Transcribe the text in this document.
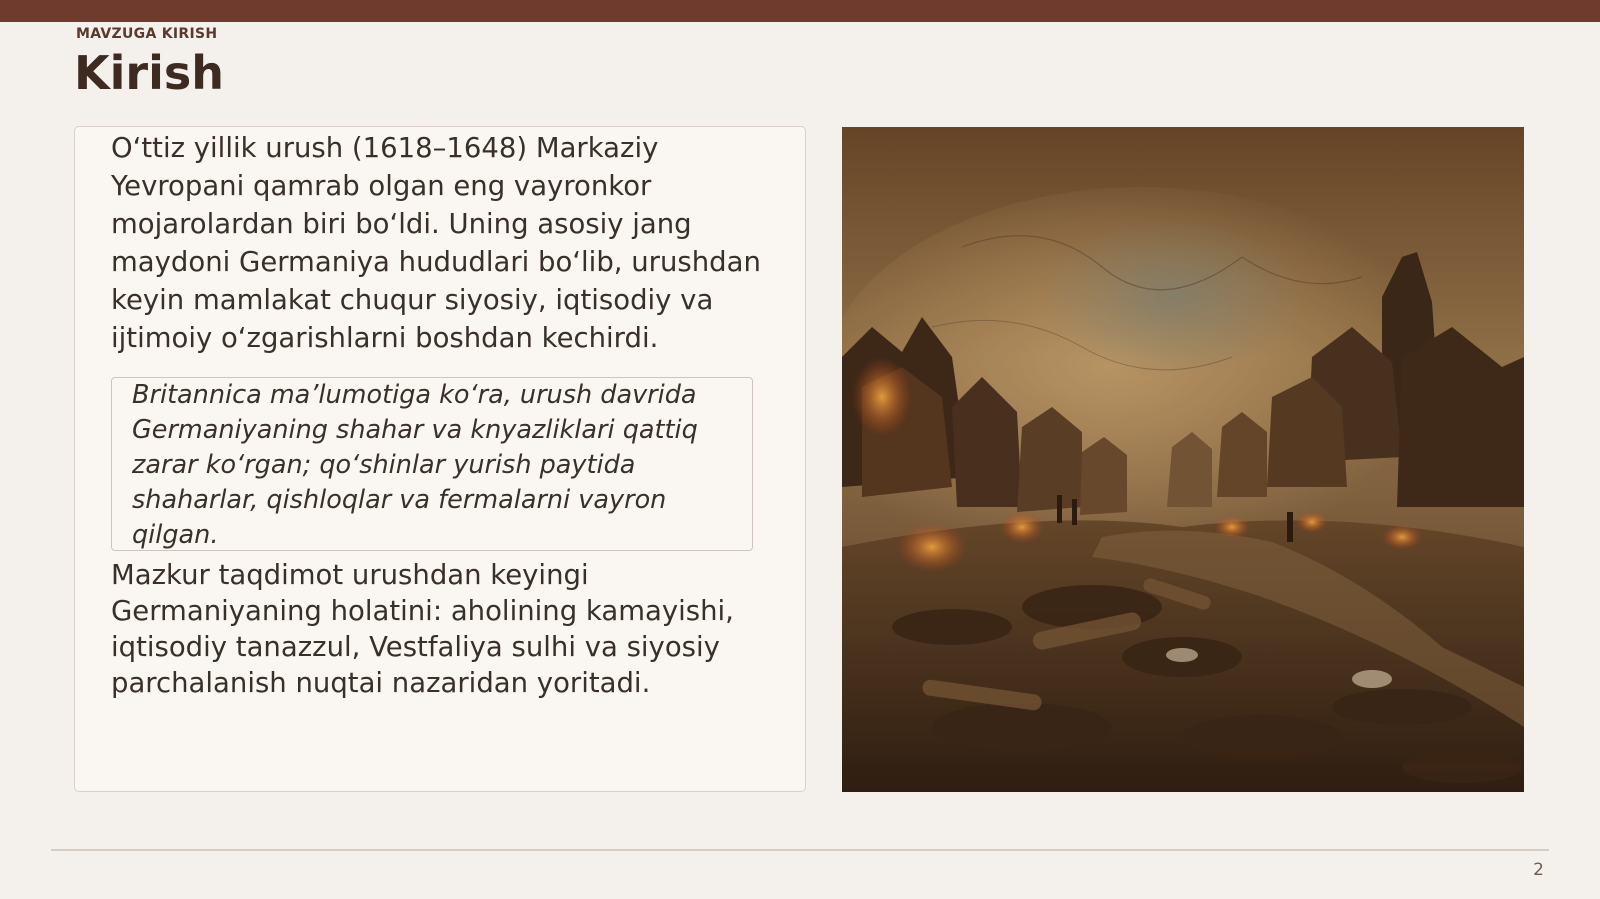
MAVZUGA KIRISH
Kirish

O‘ttiz yillik urush (1618–1648) Markaziy Yevropani qamrab olgan eng vayronkor mojarolardan biri bo‘ldi. Uning asosiy jang maydoni Germaniya hududlari bo‘lib, urushdan keyin mamlakat chuqur siyosiy, iqtisodiy va ijtimoiy o‘zgarishlarni boshdan kechirdi.

Britannica ma’lumotiga ko‘ra, urush davrida Germaniyaning shahar va knyazliklari qattiq zarar ko‘rgan; qo‘shinlar yurish paytida shaharlar, qishloqlar va fermalarni vayron qilgan.

Mazkur taqdimot urushdan keyingi Germaniyaning holatini: aholining kamayishi, iqtisodiy tanazzul, Vestfaliya sulhi va siyosiy parchalanish nuqtai nazaridan yoritadi.

2
